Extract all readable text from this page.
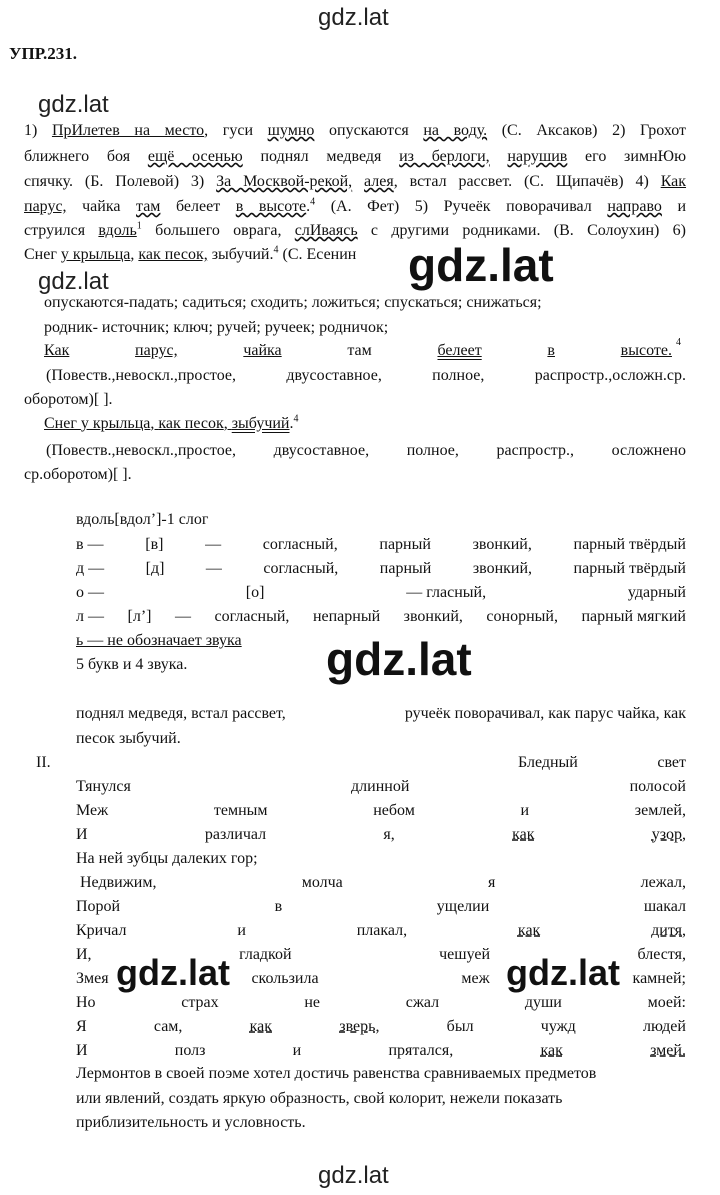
gdz.lat
gdz.lat
gdz.lat	gdz.lat
gdz.lat
gdz.lat
УПР.231.
1) ПрИлетев на место, гуси шумно опускаются на воду. (С. Аксаков) 2) Грохот
ближнего боя ещё осенью поднял медведя из берлоги, нарушив его зимнЮю
спячку. (Б. Полевой) 3) За Москвой-рекой, алея, встал рассвет. (С. Щипачёв) 4) Как
парус, чайка там белеет в высоте.$^4$ (А. Фет) 5) Ручеёк поворачивал направо и
струился вдоль$^1$ большего оврага, слИваясь с другими родниками. (В. Солоухин) 6)
Снег у крыльца, как песок, зыбучий.$^4$ (С. Есенин
опускаются-падать; садиться; сходить; ложиться; спускаться; снижаться;
родник- источник; ключ; ручей; ручеек; родничок;
Как	парус,	чайка	там	белеет	в	высоте. 4
(Повеств.,невоскл.,простое,	двусоставное,	полное,	распростр.,осложн.ср.
оборотом)[ ].
Снег у крыльца, как песок, зыбучий.$^4$
(Повеств.,невоскл.,простое, двусоставное, полное, распростр., осложнено
ср.оборотом)[ ].
вдоль[вдол’]-1 слог
в —	[в]	—	согласный,	парный	звонкий,	парный твёрдый
д —	[д]	—	согласный,	парный	звонкий,	парный твёрдый
о —	[о]	— гласный,	ударный
л — [л’] — согласный, непарный звонкий, сонорный, парный мягкий
ь — не обозначает звука
5 букв и 4 звука.
поднял медведя, встал рассвет,	ручеёк поворачивал, как парус чайка, как
песок зыбучий.
II.	Бледный	свет
Тянулся	длинной	полосой
Меж	темным	небом	и	землей,
И	различал	я,	как	узор,
На ней зубцы далеких гор;
Недвижим,	молча	я	лежал,
Порой	в	ущелии	шакал
Кричал	и	плакал,	как	дитя,
И,	гладкой	чешуей	блестя,
Змея	скользила	меж	камней;
Но	страх	не	сжал	души	моей:
Я	сам,	как	зверь,	был	чужд	людей
И	полз	и	прятался,	как	змей.
Лермонтов в своей поэме хотел достичь равенства сравниваемых предметов
или явлений, создать яркую образность, свой колорит, нежели показать
приблизительность и условность.
gdz.lat	gdz.lat
